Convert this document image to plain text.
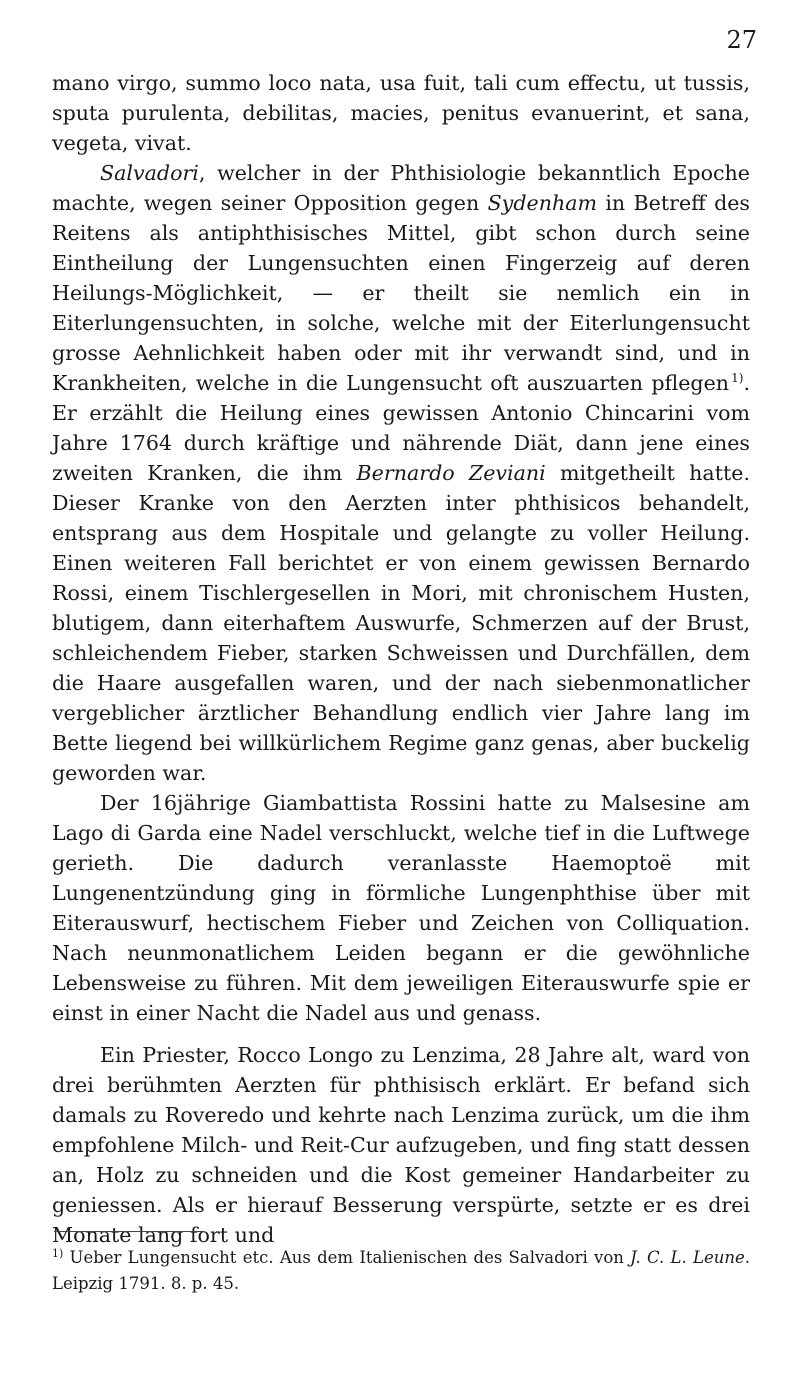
27

mano virgo, summo loco nata, usa fuit, tali cum effectu, ut tussis, sputa purulenta, debilitas, macies, penitus evanuerint, et sana, vegeta, vivat.

Salvadori, welcher in der Phthisiologie bekanntlich Epoche machte, wegen seiner Opposition gegen Sydenham in Betreff des Reitens als antiphthisisches Mittel, gibt schon durch seine Eintheilung der Lungensuchten einen Fingerzeig auf deren Heilungs-Möglichkeit, — er theilt sie nemlich ein in Eiterlungensuchten, in solche, welche mit der Eiterlungensucht grosse Aehnlichkeit haben oder mit ihr verwandt sind, und in Krankheiten, welche in die Lungensucht oft auszuarten pflegen  $^{1)}$. Er erzählt die Heilung eines gewissen Antonio Chincarini vom Jahre 1764 durch kräftige und nährende Diät, dann jene eines zweiten Kranken, die ihm Bernardo Zeviani mitgetheilt hatte. Dieser Kranke von den Aerzten inter phthisicos behandelt, entsprang aus dem Hospitale und gelangte zu voller Heilung. Einen weiteren Fall berichtet er von einem gewissen Bernardo Rossi, einem Tischlergesellen in Mori, mit chronischem Husten, blutigem, dann eiterhaftem Auswurfe, Schmerzen auf der Brust, schleichendem Fieber, starken Schweissen und Durchfällen, dem die Haare ausgefallen waren, und der nach siebenmonatlicher vergeblicher ärztlicher Behandlung endlich vier Jahre lang im Bette liegend bei willkürlichem Regime ganz genas, aber buckelig geworden war.

Der 16jährige Giambattista Rossini hatte zu Malsesine am Lago di Garda eine Nadel verschluckt, welche tief in die Luftwege gerieth. Die dadurch veranlasste Haemoptoë mit Lungenentzündung ging in förmliche Lungenphthise über mit Eiterauswurf, hectischem Fieber und Zeichen von Colliquation. Nach neunmonatlichem Leiden begann er die gewöhnliche Lebensweise zu führen. Mit dem jeweiligen Eiterauswurfe spie er einst in einer Nacht die Nadel aus und genass.

Ein Priester, Rocco Longo zu Lenzima, 28 Jahre alt, ward von drei berühmten Aerzten für phthisisch erklärt. Er befand sich damals zu Roveredo und kehrte nach Lenzima zurück, um die ihm empfohlene Milch- und Reit-Cur aufzugeben, und fing statt dessen an, Holz zu schneiden und die Kost gemeiner Handarbeiter zu geniessen. Als er hierauf Besserung verspürte, setzte er es drei Monate lang fort und

$^{1)}$ Ueber Lungensucht etc. Aus dem Italienischen des Salvadori von J. C. L. Leune. Leipzig 1791. 8. p. 45.
